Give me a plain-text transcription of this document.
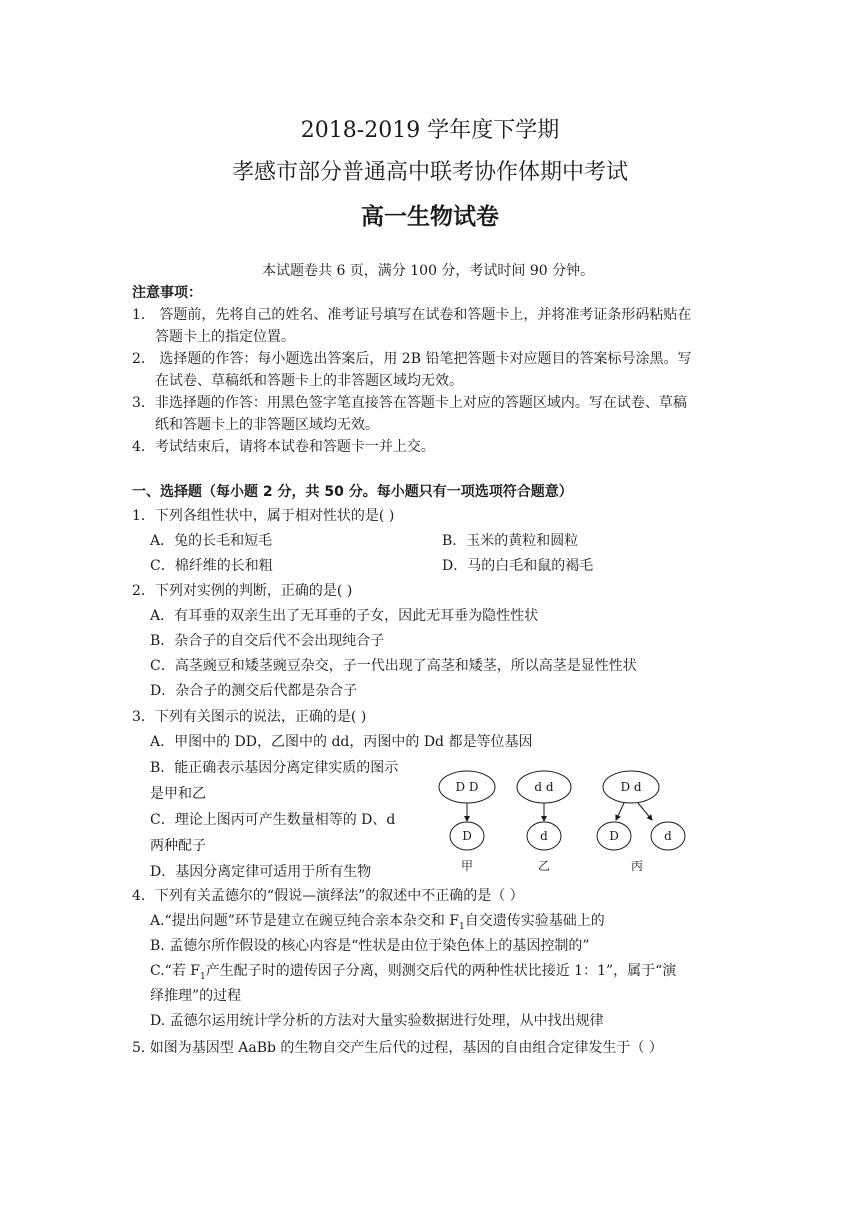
2018-2019 学年度下学期
孝感市部分普通高中联考协作体期中考试
高一生物试卷
本试题卷共 6 页，满分 100 分，考试时间 90 分钟。
注意事项：
1． 答题前，先将自己的姓名、准考证号填写在试卷和答题卡上，并将准考证条形码粘贴在
答题卡上的指定位置。
2． 选择题的作答：每小题选出答案后，用 2B 铅笔把答题卡对应题目的答案标号涂黑。写
在试卷、草稿纸和答题卡上的非答题区域均无效。
3．非选择题的作答：用黑色签字笔直接答在答题卡上对应的答题区域内。写在试卷、草稿
纸和答题卡上的非答题区域均无效。
4．考试结束后，请将本试卷和答题卡一并上交。
一、选择题（每小题 2 分，共 50 分。每小题只有一项选项符合题意）
1．下列各组性状中，属于相对性状的是( )
A．兔的长毛和短毛	B．玉米的黄粒和圆粒
C．棉纤维的长和粗	D．马的白毛和鼠的褐毛
2．下列对实例的判断，正确的是( )
A．有耳垂的双亲生出了无耳垂的子女，因此无耳垂为隐性性状
B．杂合子的自交后代不会出现纯合子
C．高茎豌豆和矮茎豌豆杂交，子一代出现了高茎和矮茎，所以高茎是显性性状
D．杂合子的测交后代都是杂合子
3．下列有关图示的说法，正确的是( )
A．甲图中的 DD，乙图中的 dd，丙图中的 Dd 都是等位基因
B．能正确表示基因分离定律实质的图示
是甲和乙
C．理论上图丙可产生数量相等的 D、d
两种配子
D．基因分离定律可适用于所有生物
D D
D
甲
d d
d
乙
D d
D	d
丙
4．下列有关孟德尔的“假说—演绎法”的叙述中不正确的是（ ）
A.“提出问题”环节是建立在豌豆纯合亲本杂交和 $F_1$自交遗传实验基础上的
B. 孟德尔所作假设的核心内容是“性状是由位于染色体上的基因控制的”
C.“若 $F_1$产生配子时的遗传因子分离，则测交后代的两种性状比接近 1：1”，属于“演
绎推理”的过程
D. 孟德尔运用统计学分析的方法对大量实验数据进行处理，从中找出规律
5. 如图为基因型 AaBb 的生物自交产生后代的过程，基因的自由组合定律发生于（ ）
